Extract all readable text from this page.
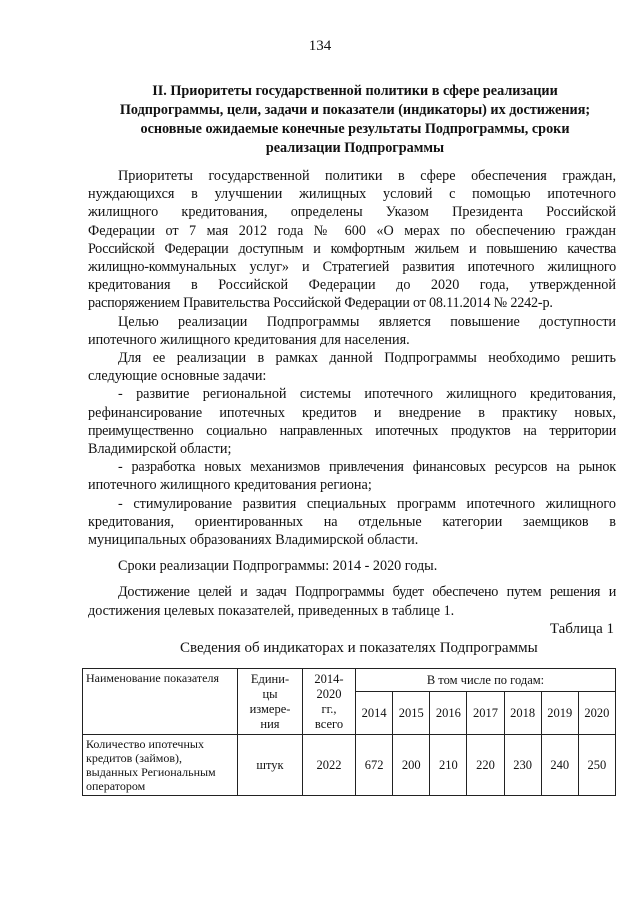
134
II. Приоритеты государственной политики в сфере реализации
Подпрограммы, цели, задачи и показатели (индикаторы) их достижения;
основные ожидаемые конечные результаты Подпрограммы, сроки
реализации Подпрограммы
Приоритеты государственной политики в сфере обеспечения граждан,
нуждающихся в улучшении жилищных условий с помощью ипотечного
жилищного кредитования, определены Указом Президента Российской
Федерации от 7 мая 2012 года № 600 «О мерах по обеспечению граждан
Российской Федерации доступным и комфортным жильем и повышению качества
жилищно-коммунальных услуг» и Стратегией развития ипотечного жилищного
кредитования в Российской Федерации до 2020 года, утвержденной
распоряжением Правительства Российской Федерации от 08.11.2014 № 2242-р.
Целью реализации Подпрограммы является повышение доступности
ипотечного жилищного кредитования для населения.
Для ее реализации в рамках данной Подпрограммы необходимо решить
следующие основные задачи:
- развитие региональной системы ипотечного жилищного кредитования,
рефинансирование ипотечных кредитов и внедрение в практику новых,
преимущественно социально направленных ипотечных продуктов на территории
Владимирской области;
- разработка новых механизмов привлечения финансовых ресурсов на рынок
ипотечного жилищного кредитования региона;
- стимулирование развития специальных программ ипотечного жилищного
кредитования, ориентированных на отдельные категории заемщиков в
муниципальных образованиях Владимирской области.
Сроки реализации Подпрограммы: 2014 - 2020 годы.
Достижение целей и задач Подпрограммы будет обеспечено путем решения и
достижения целевых показателей, приведенных в таблице 1.
Таблица 1
Сведения об индикаторах и показателях Подпрограммы
Наименование показателя	Едини-
цы
измере-
ния	2014-
2020
гг.,
всего	В том числе по годам:						
			2014	2015	2016	2017	2018	2019	2020
Количество ипотечных кредитов (займов), выданных Региональным оператором	штук	2022	672	200	210	220	230	240	250
